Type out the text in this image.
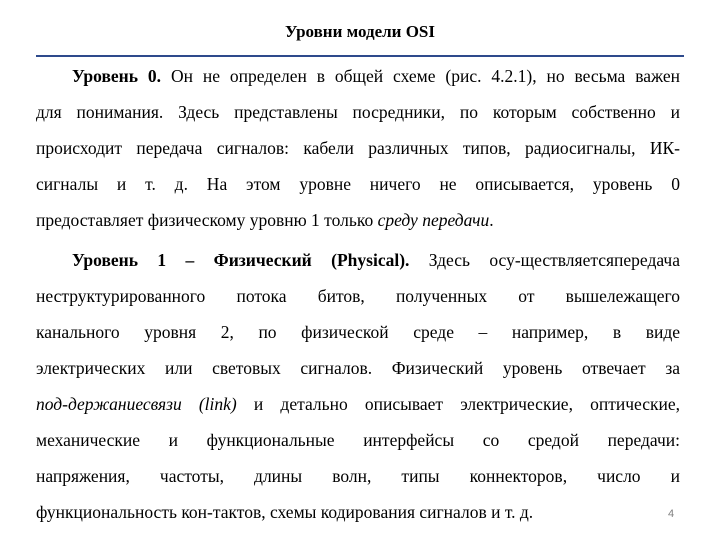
Уровни модели OSI
Уровень 0. Он не определен в общей схеме (рис. 4.2.1), но весьма важен
для понимания. Здесь представлены посредники, по которым собственно и
происходит передача сигналов: кабели различных типов, радиосигналы, ИК-
сигналы и т. д. На этом уровне ничего не описывается, уровень 0
предоставляет физическому уровню 1 только среду передачи.
Уровень 1 – Физический (Physical). Здесь осу-ществляетсяпередача
неструктурированного потока битов, полученных от вышележащего
канального уровня 2, по физической среде – например, в виде
электрических или световых сигналов. Физический уровень отвечает за
под-держаниесвязи (link) и детально описывает электрические, оптические,
механические и функциональные интерфейсы со средой передачи:
напряжения, частоты, длины волн, типы коннекторов, число и
функциональность кон-тактов, схемы кодирования сигналов и т. д.	4
